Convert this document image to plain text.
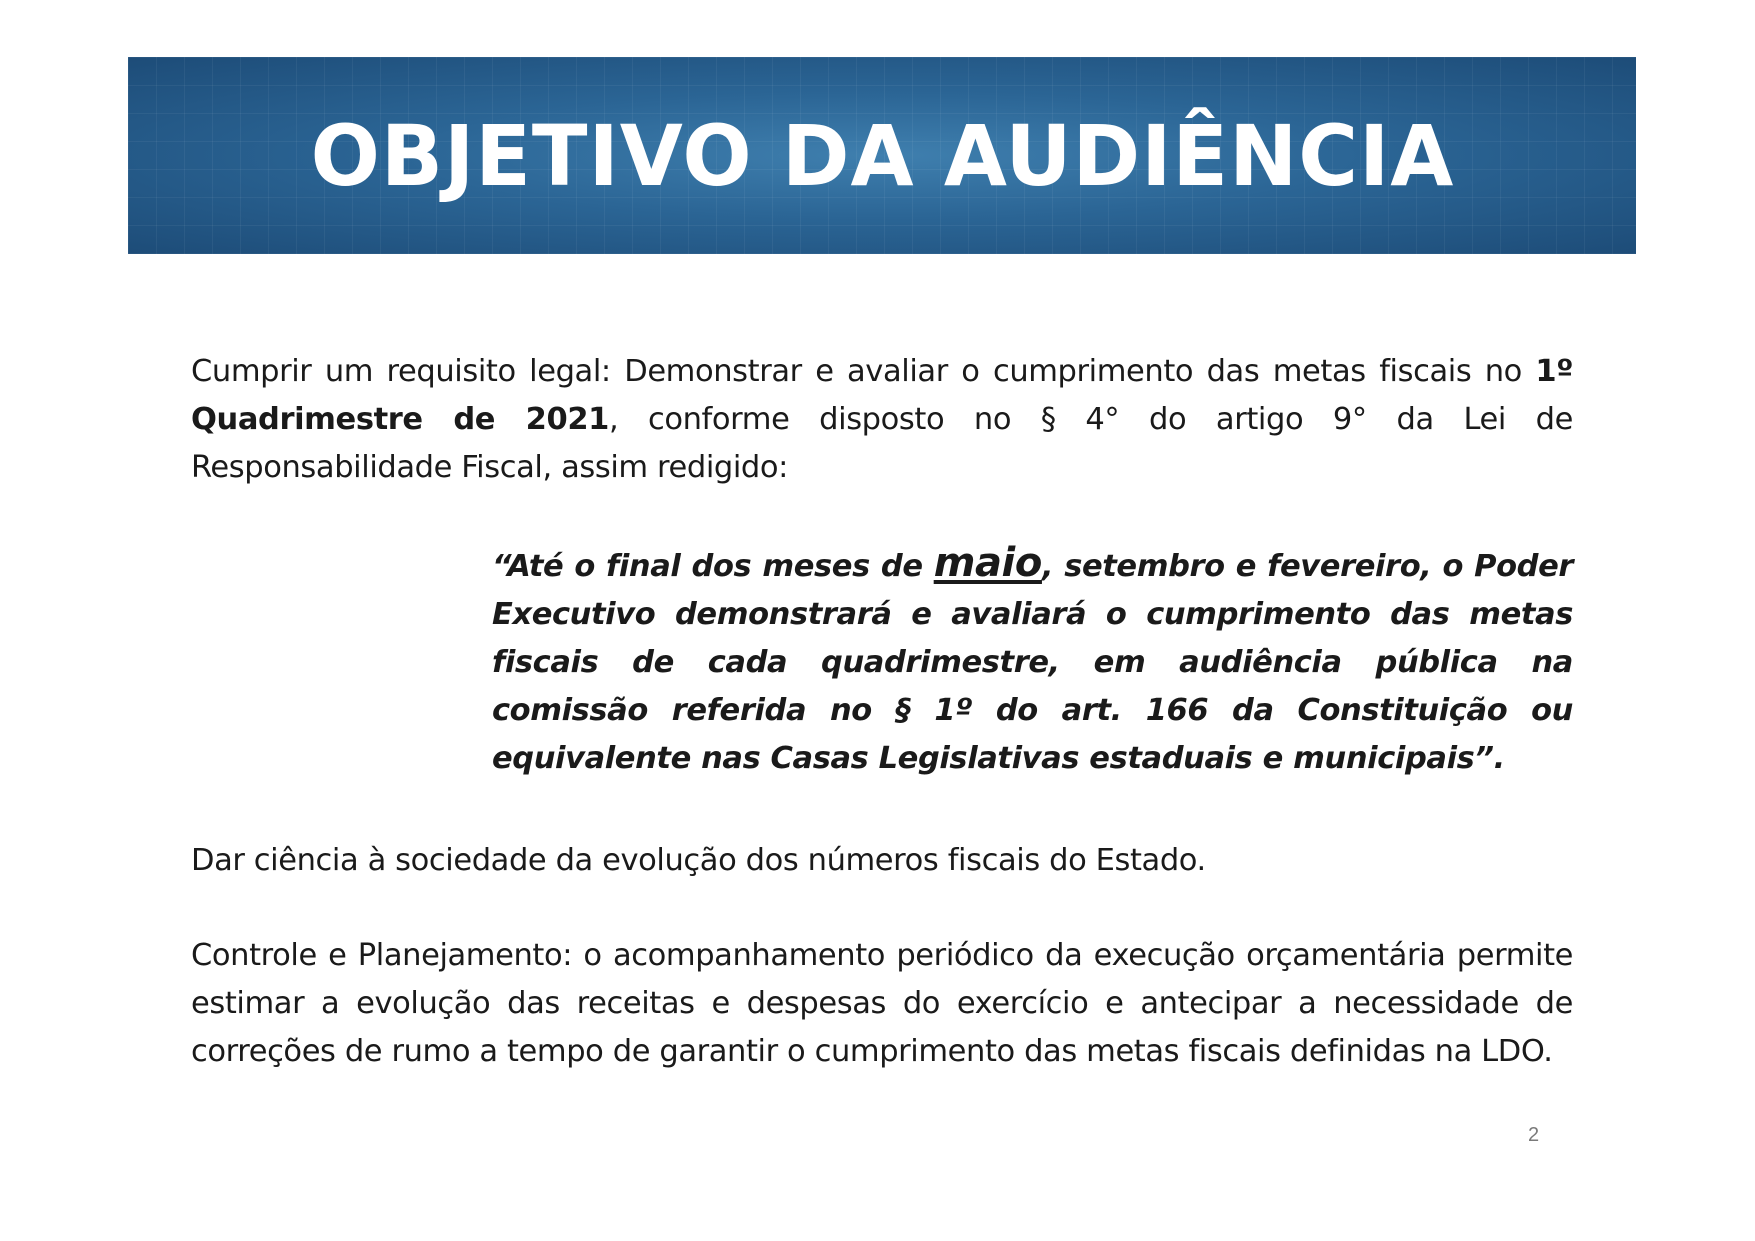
OBJETIVO DA AUDIÊNCIA

Cumprir um requisito legal: Demonstrar e avaliar o cumprimento das metas fiscais no 1º Quadrimestre de 2021, conforme disposto no § 4° do artigo 9° da Lei de Responsabilidade Fiscal, assim redigido:

“Até o final dos meses de maio, setembro e fevereiro, o Poder Executivo demonstrará e avaliará o cumprimento das metas fiscais de cada quadrimestre, em audiência pública na comissão referida no § 1º do art. 166 da Constituição ou equivalente nas Casas Legislativas estaduais e municipais”.

Dar ciência à sociedade da evolução dos números fiscais do Estado.

Controle e Planejamento: o acompanhamento periódico da execução orçamentária permite estimar a evolução das receitas e despesas do exercício e antecipar a necessidade de correções de rumo a tempo de garantir o cumprimento das metas fiscais definidas na LDO.

2
